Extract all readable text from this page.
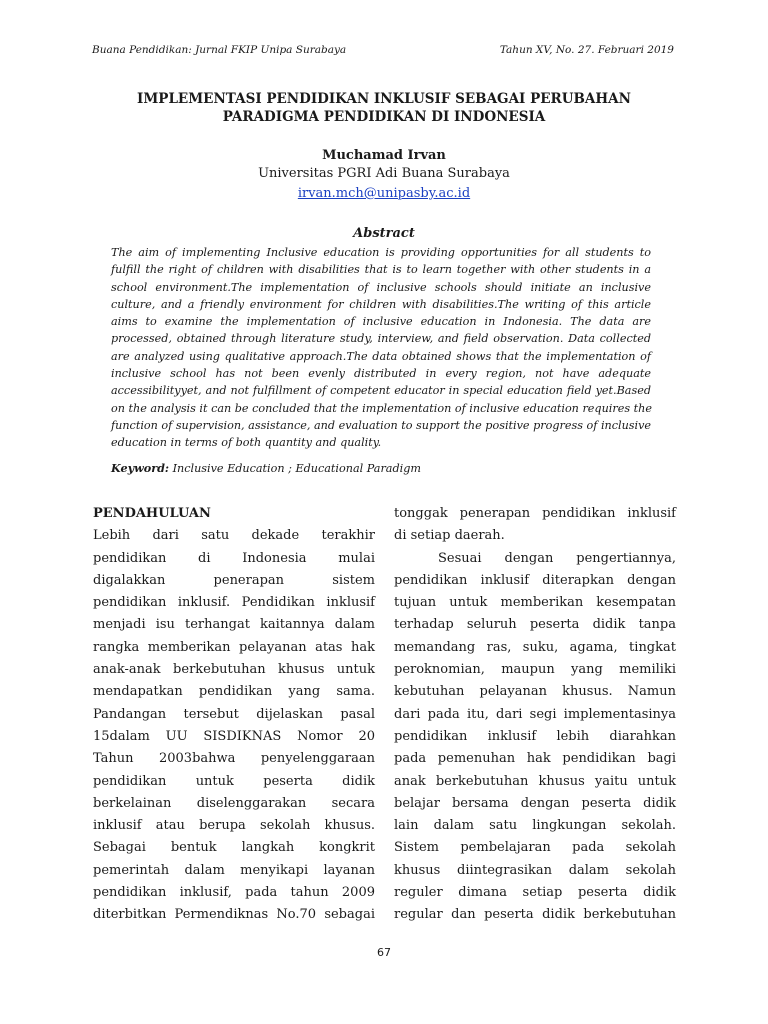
Buana Pendidikan: Jurnal FKIP Unipa Surabaya	Tahun XV, No. 27. Februari 2019
IMPLEMENTASI PENDIDIKAN INKLUSIF SEBAGAI PERUBAHAN
PARADIGMA PENDIDIKAN DI INDONESIA
Muchamad Irvan
Universitas PGRI Adi Buana Surabaya
irvan.mch@unipasby.ac.id
Abstract
The aim of implementing Inclusive education is providing opportunities for all students to
fulfill the right of children with disabilities that is to learn together with other students in a
school environment.The implementation of inclusive schools should initiate an inclusive
culture, and a friendly environment for children with disabilities.The writing of this article
aims to examine the implementation of inclusive education in Indonesia. The data are
processed, obtained through literature study, interview, and field observation. Data collected
are analyzed using qualitative approach.The data obtained shows that the implementation of
inclusive school has not been evenly distributed in every region, not have adequate
accessibilityyet, and not fulfillment of competent educator in special education field yet.Based
on the analysis it can be concluded that the implementation of inclusive education requires the
function of supervision, assistance, and evaluation to support the positive progress of inclusive
education in terms of both quantity and quality.
Keyword: Inclusive Education ; Educational Paradigm
PENDAHULUAN
Lebih dari satu dekade terakhir
pendidikan di Indonesia mulai
digalakkan penerapan sistem
pendidikan inklusif. Pendidikan inklusif
menjadi isu terhangat kaitannya dalam
rangka memberikan pelayanan atas hak
anak-anak berkebutuhan khusus untuk
mendapatkan pendidikan yang sama.
Pandangan tersebut dijelaskan pasal
15dalam UU SISDIKNAS Nomor 20
Tahun 2003bahwa penyelenggaraan
pendidikan untuk peserta didik
berkelainan diselenggarakan secara
inklusif atau berupa sekolah khusus.
Sebagai bentuk langkah kongkrit
pemerintah dalam menyikapi layanan
pendidikan inklusif, pada tahun 2009
diterbitkan Permendiknas No.70 sebagai
tonggak penerapan pendidikan inklusif
di setiap daerah.
Sesuai dengan pengertiannya,
pendidikan inklusif diterapkan dengan
tujuan untuk memberikan kesempatan
terhadap seluruh peserta didik tanpa
memandang ras, suku, agama, tingkat
peroknomian, maupun yang memiliki
kebutuhan pelayanan khusus. Namun
dari pada itu, dari segi implementasinya
pendidikan inklusif lebih diarahkan
pada pemenuhan hak pendidikan bagi
anak berkebutuhan khusus yaitu untuk
belajar bersama dengan peserta didik
lain dalam satu lingkungan sekolah.
Sistem pembelajaran pada sekolah
khusus diintegrasikan dalam sekolah
reguler dimana setiap peserta didik
regular dan peserta didik berkebutuhan
67
